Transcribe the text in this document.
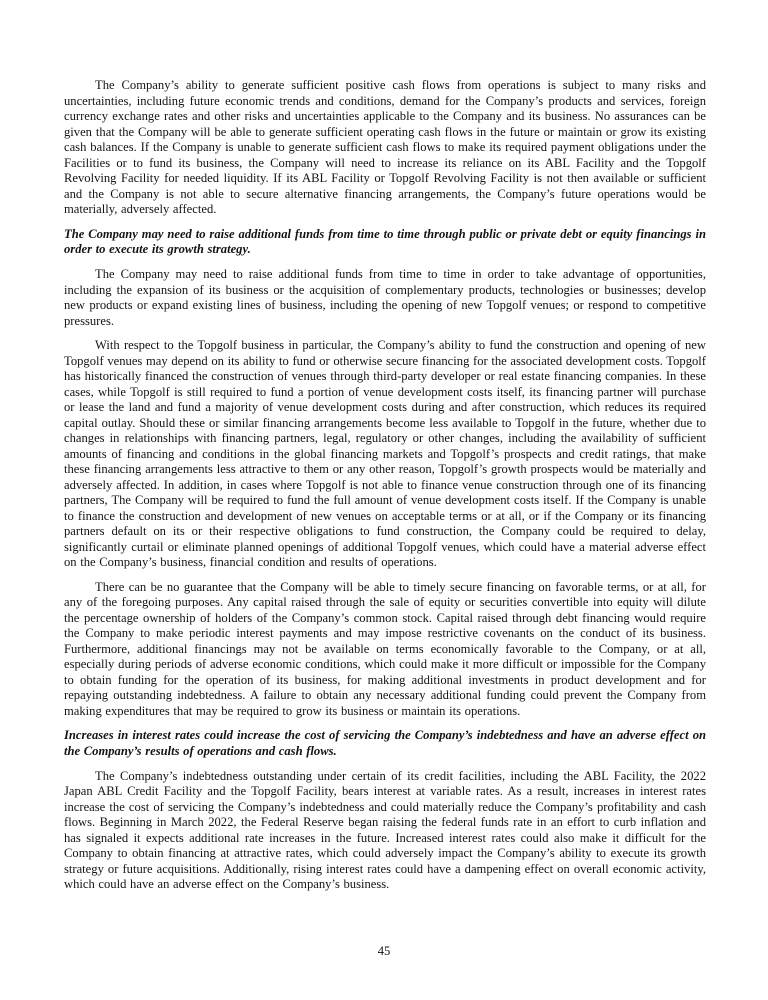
The Company’s ability to generate sufficient positive cash flows from operations is subject to many risks and uncertainties, including future economic trends and conditions, demand for the Company’s products and services, foreign currency exchange rates and other risks and uncertainties applicable to the Company and its business. No assurances can be given that the Company will be able to generate sufficient operating cash flows in the future or maintain or grow its existing cash balances. If the Company is unable to generate sufficient cash flows to make its required payment obligations under the Facilities or to fund its business, the Company will need to increase its reliance on its ABL Facility and the Topgolf Revolving Facility for needed liquidity. If its ABL Facility or Topgolf Revolving Facility is not then available or sufficient and the Company is not able to secure alternative financing arrangements, the Company’s future operations would be materially, adversely affected.

The Company may need to raise additional funds from time to time through public or private debt or equity financings in order to execute its growth strategy.

The Company may need to raise additional funds from time to time in order to take advantage of opportunities, including the expansion of its business or the acquisition of complementary products, technologies or businesses; develop new products or expand existing lines of business, including the opening of new Topgolf venues; or respond to competitive pressures.

With respect to the Topgolf business in particular, the Company’s ability to fund the construction and opening of new Topgolf venues may depend on its ability to fund or otherwise secure financing for the associated development costs. Topgolf has historically financed the construction of venues through third-party developer or real estate financing companies. In these cases, while Topgolf is still required to fund a portion of venue development costs itself, its financing partner will purchase or lease the land and fund a majority of venue development costs during and after construction, which reduces its required capital outlay. Should these or similar financing arrangements become less available to Topgolf in the future, whether due to changes in relationships with financing partners, legal, regulatory or other changes, including the availability of sufficient amounts of financing and conditions in the global financing markets and Topgolf’s prospects and credit ratings, that make these financing arrangements less attractive to them or any other reason, Topgolf’s growth prospects would be materially and adversely affected. In addition, in cases where Topgolf is not able to finance venue construction through one of its financing partners, The Company will be required to fund the full amount of venue development costs itself. If the Company is unable to finance the construction and development of new venues on acceptable terms or at all, or if the Company or its financing partners default on its or their respective obligations to fund construction, the Company could be required to delay, significantly curtail or eliminate planned openings of additional Topgolf venues, which could have a material adverse effect on the Company’s business, financial condition and results of operations.

There can be no guarantee that the Company will be able to timely secure financing on favorable terms, or at all, for any of the foregoing purposes. Any capital raised through the sale of equity or securities convertible into equity will dilute the percentage ownership of holders of the Company’s common stock. Capital raised through debt financing would require the Company to make periodic interest payments and may impose restrictive covenants on the conduct of its business. Furthermore, additional financings may not be available on terms economically favorable to the Company, or at all, especially during periods of adverse economic conditions, which could make it more difficult or impossible for the Company to obtain funding for the operation of its business, for making additional investments in product development and for repaying outstanding indebtedness. A failure to obtain any necessary additional funding could prevent the Company from making expenditures that may be required to grow its business or maintain its operations.

Increases in interest rates could increase the cost of servicing the Company’s indebtedness and have an adverse effect on the Company’s results of operations and cash flows.

The Company’s indebtedness outstanding under certain of its credit facilities, including the ABL Facility, the 2022 Japan ABL Credit Facility and the Topgolf Facility, bears interest at variable rates. As a result, increases in interest rates increase the cost of servicing the Company’s indebtedness and could materially reduce the Company’s profitability and cash flows. Beginning in March 2022, the Federal Reserve began raising the federal funds rate in an effort to curb inflation and has signaled it expects additional rate increases in the future. Increased interest rates could also make it difficult for the Company to obtain financing at attractive rates, which could adversely impact the Company’s ability to execute its growth strategy or future acquisitions. Additionally, rising interest rates could have a dampening effect on overall economic activity, which could have an adverse effect on the Company’s business.

45
